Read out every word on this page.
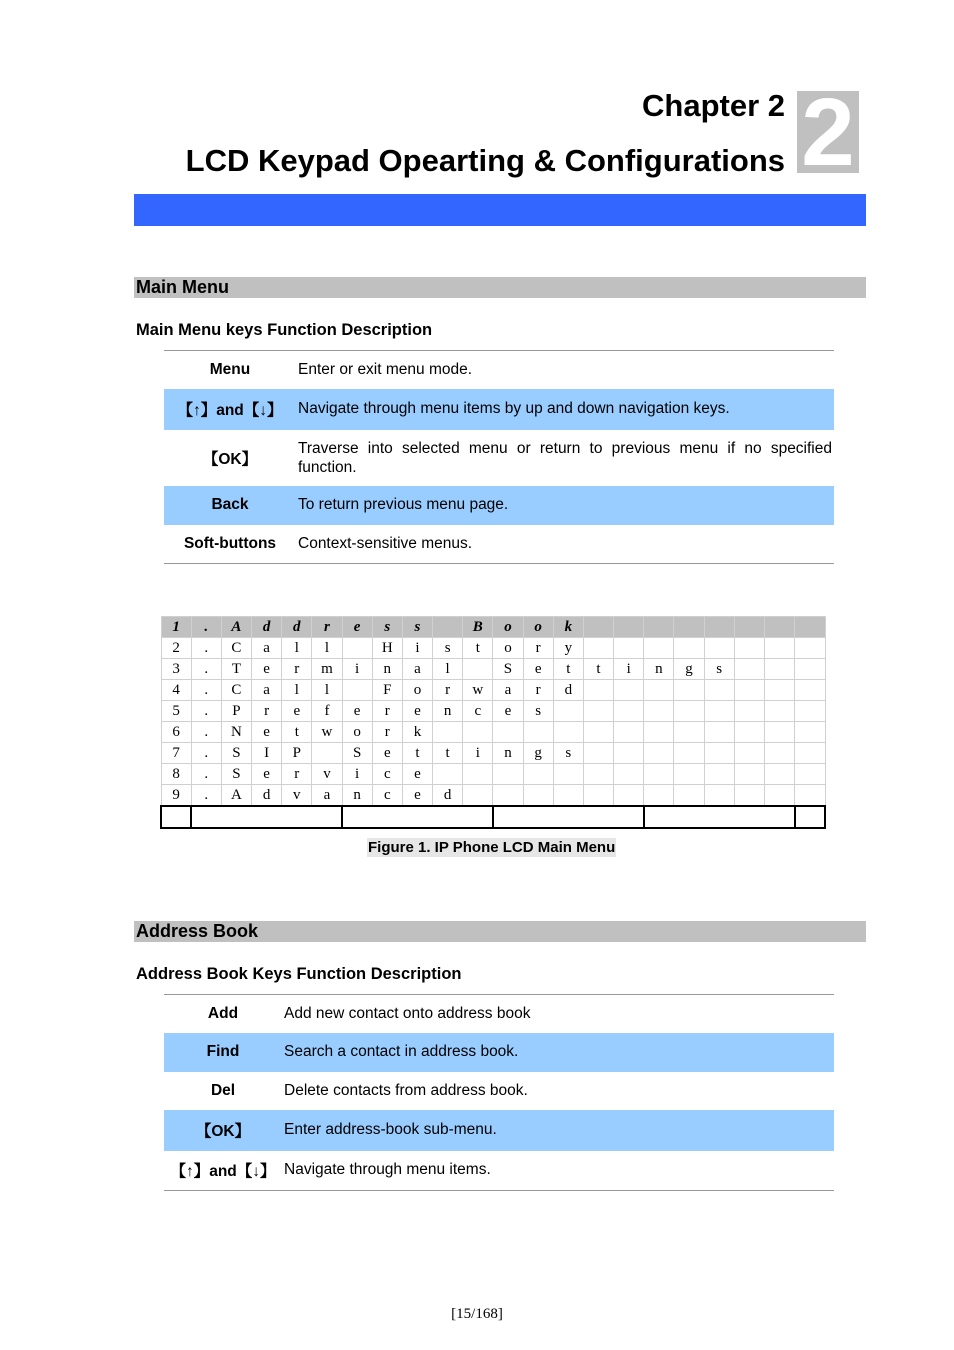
Chapter 2
LCD Keypad Opearting & Configurations 2
Main Menu
Main Menu keys Function Description
Menu	Enter or exit menu mode.
【↑】and【↓】	Navigate through menu items by up and down navigation keys.
【OK】	Traverse into selected menu or return to previous menu if no specified function.
Back	To return previous menu page.
Soft-buttons	Context-sensitive menus.
1	.	A	d	d	r	e	s	s		B	o	o	k								
2	.	C	a	l	l		H	i	s	t	o	r	y								
3	.	T	e	r	m	i	n	a	l		S	e	t	t	i	n	g	s			
4	.	C	a	l	l		F	o	r	w	a	r	d								
5	.	P	r	e	f	e	r	e	n	c	e	s									
6	.	N	e	t	w	o	r	k													
7	.	S	I	P		S	e	t	t	i	n	g	s								
8	.	S	e	r	v	i	c	e													
9	.	A	d	v	a	n	c	e	d												

Figure 1. IP Phone LCD Main Menu
Address Book
Address Book Keys Function Description
Add	Add new contact onto address book
Find	Search a contact in address book.
Del	Delete contacts from address book.
【OK】	Enter address-book sub-menu.
【↑】and【↓】	Navigate through menu items.
[15/168]
